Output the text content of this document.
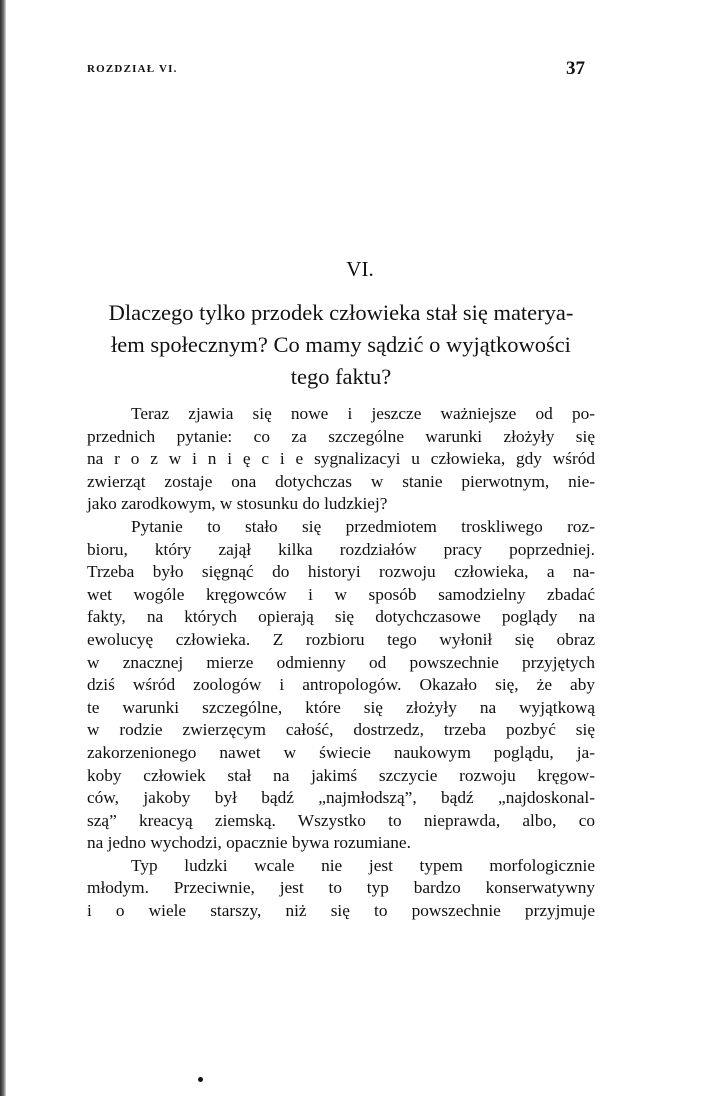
ROZDZIAŁ VI.	37
VI.
Dlaczego tylko przodek człowieka stał się materya-
łem społecznym? Co mamy sądzić o wyjątkowości
tego faktu?
Teraz zjawia się nowe i jeszcze ważniejsze od po-
przednich pytanie: co za szczególne warunki złożyły się
na r o z w i n i ę c i e sygnalizacyi u człowieka, gdy wśród
zwierząt zostaje ona dotychczas w stanie pierwotnym, nie-
jako zarodkowym, w stosunku do ludzkiej?
Pytanie to stało się przedmiotem troskliwego roz-
bioru, który zajął kilka rozdziałów pracy poprzedniej.
Trzeba było sięgnąć do historyi rozwoju człowieka, a na-
wet wogóle kręgowców i w sposób samodzielny zbadać
fakty, na których opierają się dotychczasowe poglądy na
ewolucyę człowieka. Z rozbioru tego wyłonił się obraz
w znacznej mierze odmienny od powszechnie przyjętych
dziś wśród zoologów i antropologów. Okazało się, że aby
te warunki szczególne, które się złożyły na wyjątkową
w rodzie zwierzęcym całość, dostrzedz, trzeba pozbyć się
zakorzenionego nawet w świecie naukowym poglądu, ja-
koby człowiek stał na jakimś szczycie rozwoju kręgow-
ców, jakoby był bądź „najmłodszą”, bądź „najdoskonal-
szą” kreacyą ziemską. Wszystko to nieprawda, albo, co
na jedno wychodzi, opacznie bywa rozumiane.
Typ ludzki wcale nie jest typem morfologicznie
młodym. Przeciwnie, jest to typ bardzo konserwatywny
i o wiele starszy, niż się to powszechnie przyjmuje
